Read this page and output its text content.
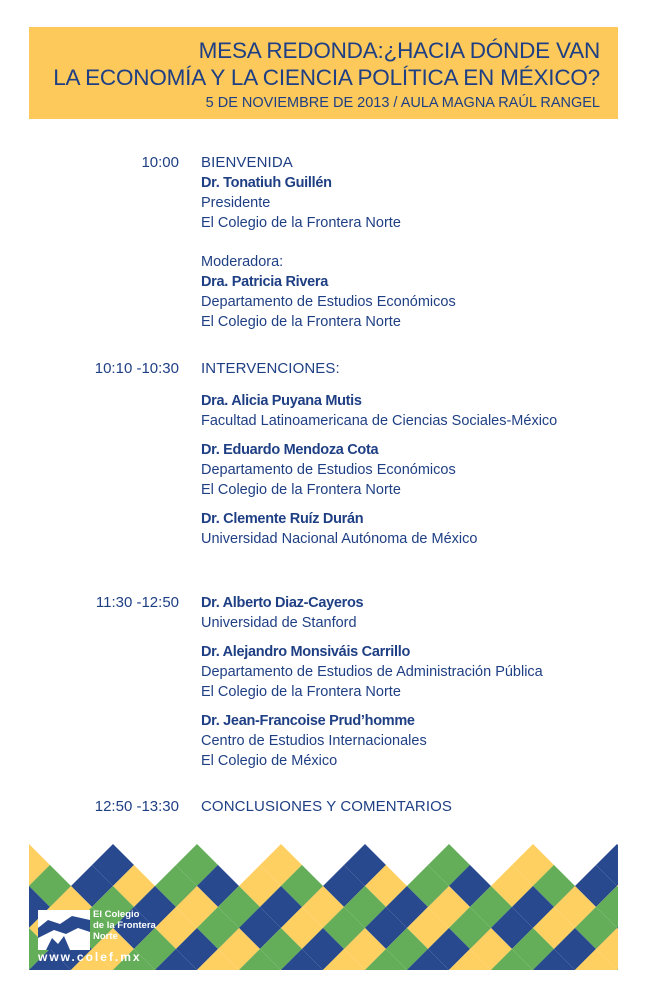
MESA REDONDA:¿HACIA DÓNDE VAN
LA ECONOMÍA Y LA CIENCIA POLÍTICA EN MÉXICO?

5 DE NOVIEMBRE DE 2013 / AULA MAGNA RAÚL RANGEL

10:00 BIENVENIDA
Dr. Tonatiuh Guillén
Presidente
El Colegio de la Frontera Norte
Moderadora:
Dra. Patricia Rivera
Departamento de Estudios Económicos
El Colegio de la Frontera Norte
10:10 -10:30 INTERVENCIONES:
Dra. Alicia Puyana Mutis
Facultad Latinoamericana de Ciencias Sociales-México
Dr. Eduardo Mendoza Cota
Departamento de Estudios Económicos
El Colegio de la Frontera Norte
Dr. Clemente Ruíz Durán
Universidad Nacional Autónoma de México
11:30 -12:50 Dr. Alberto Diaz-Cayeros
Universidad de Stanford
Dr. Alejandro Monsiváis Carrillo
Departamento de Estudios de Administración Pública
El Colegio de la Frontera Norte
Dr. Jean-Francoise Prud’homme
Centro de Estudios Internacionales
El Colegio de México
12:50 -13:30 CONCLUSIONES Y COMENTARIOS
El Colegio
de la Frontera
Norte
www.colef.mx
